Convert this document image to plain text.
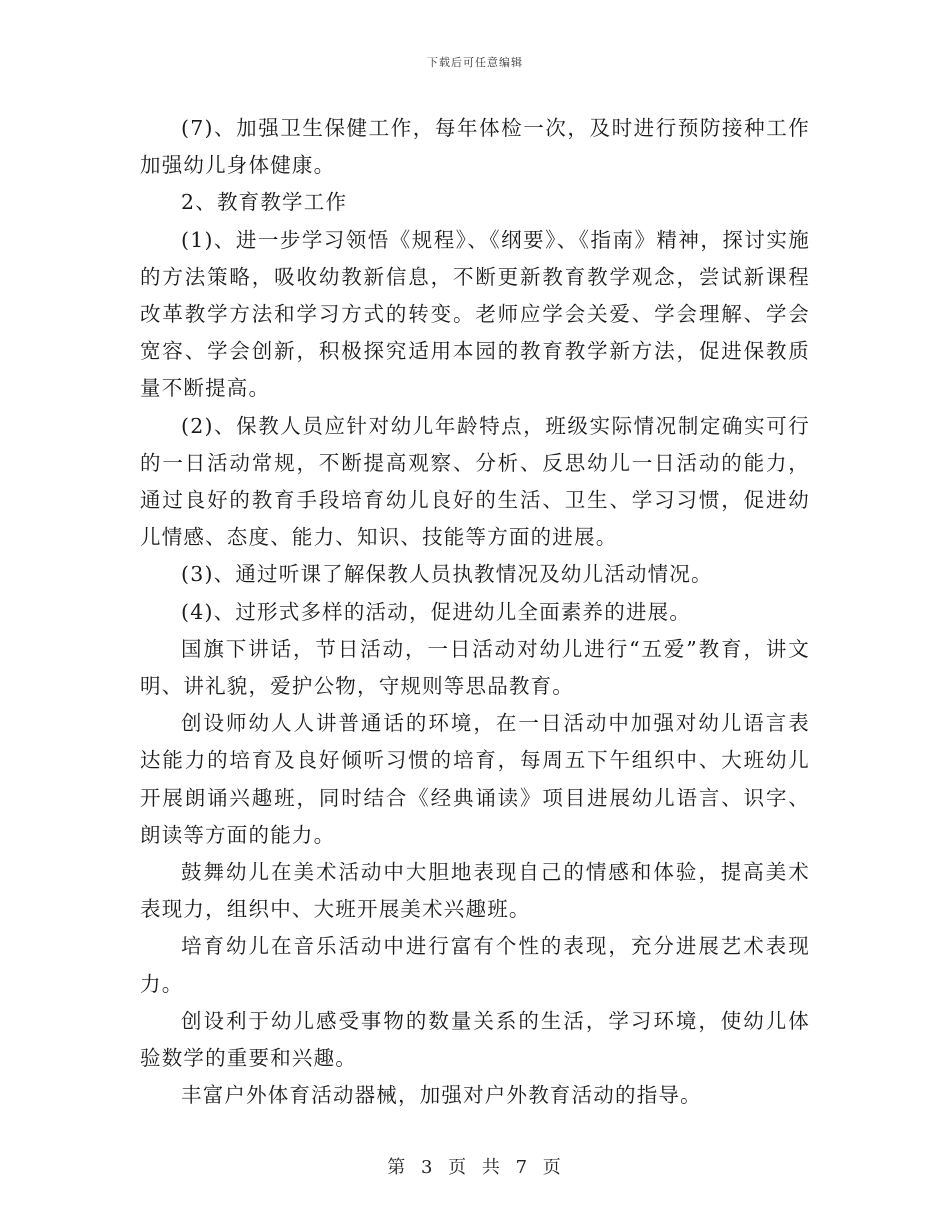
下载后可任意编辑

(7)、加强卫生保健工作，每年体检一次，及时进行预防接种工作加强幼儿身体健康。

2、教育教学工作

(1)、进一步学习领悟《规程》、《纲要》、《指南》精神，探讨实施的方法策略，吸收幼教新信息，不断更新教育教学观念，尝试新课程改革教学方法和学习方式的转变。老师应学会关爱、学会理解、学会宽容、学会创新，积极探究适用本园的教育教学新方法，促进保教质量不断提高。

(2)、保教人员应针对幼儿年龄特点，班级实际情况制定确实可行的一日活动常规，不断提高观察、分析、反思幼儿一日活动的能力，通过良好的教育手段培育幼儿良好的生活、卫生、学习习惯，促进幼儿情感、态度、能力、知识、技能等方面的进展。

(3)、通过听课了解保教人员执教情况及幼儿活动情况。

(4)、过形式多样的活动，促进幼儿全面素养的进展。

国旗下讲话，节日活动，一日活动对幼儿进行“五爱”教育，讲文明、讲礼貌，爱护公物，守规则等思品教育。

创设师幼人人讲普通话的环境，在一日活动中加强对幼儿语言表达能力的培育及良好倾听习惯的培育，每周五下午组织中、大班幼儿开展朗诵兴趣班，同时结合《经典诵读》项目进展幼儿语言、识字、朗读等方面的能力。

鼓舞幼儿在美术活动中大胆地表现自己的情感和体验，提高美术表现力，组织中、大班开展美术兴趣班。

培育幼儿在音乐活动中进行富有个性的表现，充分进展艺术表现力。

创设利于幼儿感受事物的数量关系的生活，学习环境，使幼儿体验数学的重要和兴趣。

丰富户外体育活动器械，加强对户外教育活动的指导。

第 3 页 共 7 页
